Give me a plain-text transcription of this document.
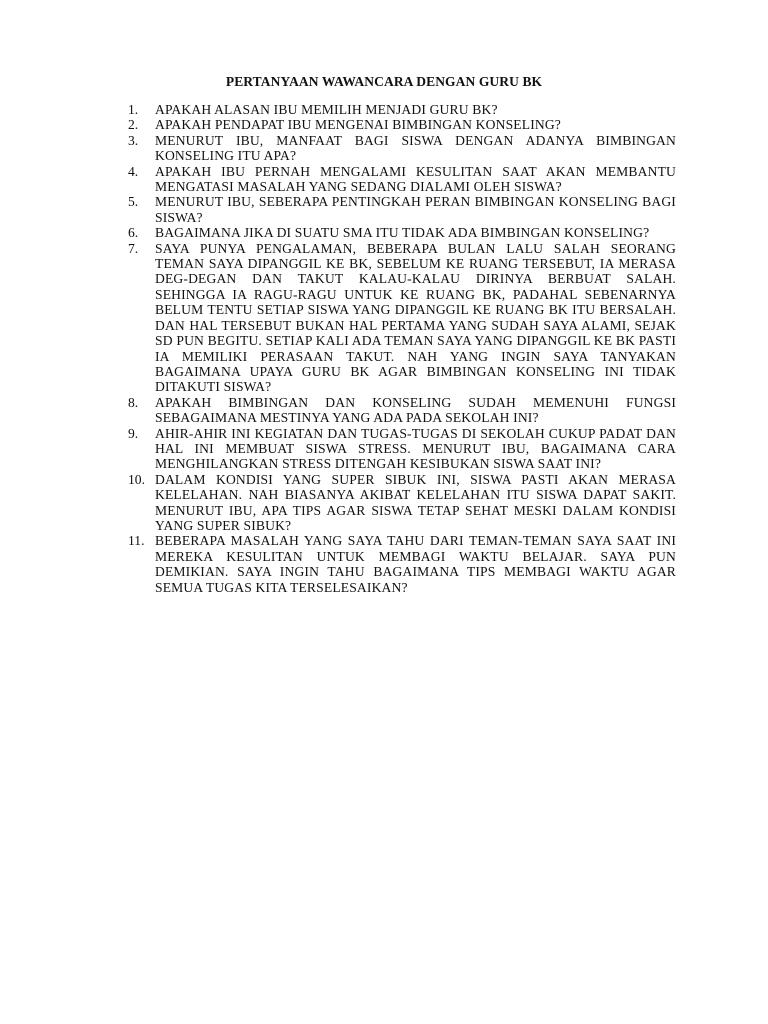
PERTANYAAN WAWANCARA DENGAN GURU BK
1.	APAKAH ALASAN IBU MEMILIH MENJADI GURU BK?
2.	APAKAH PENDAPAT IBU MENGENAI BIMBINGAN KONSELING?
3.	MENURUT IBU, MANFAAT BAGI SISWA DENGAN ADANYA BIMBINGAN KONSELING ITU APA?
4.	APAKAH IBU PERNAH MENGALAMI KESULITAN SAAT AKAN MEMBANTU MENGATASI MASALAH YANG SEDANG DIALAMI OLEH SISWA?
5.	MENURUT IBU, SEBERAPA PENTINGKAH PERAN BIMBINGAN KONSELING BAGI SISWA?
6.	BAGAIMANA JIKA DI SUATU SMA ITU TIDAK ADA BIMBINGAN KONSELING?
7.	SAYA PUNYA PENGALAMAN, BEBERAPA BULAN LALU SALAH SEORANG TEMAN SAYA DIPANGGIL KE BK, SEBELUM KE RUANG TERSEBUT, IA MERASA DEG-DEGAN DAN TAKUT KALAU-KALAU DIRINYA BERBUAT SALAH. SEHINGGA IA RAGU-RAGU UNTUK KE RUANG BK, PADAHAL SEBENARNYA BELUM TENTU SETIAP SISWA YANG DIPANGGIL KE RUANG BK ITU BERSALAH. DAN HAL TERSEBUT BUKAN HAL PERTAMA YANG SUDAH SAYA ALAMI, SEJAK SD PUN BEGITU. SETIAP KALI ADA TEMAN SAYA YANG DIPANGGIL KE BK PASTI IA MEMILIKI PERASAAN TAKUT. NAH YANG INGIN SAYA TANYAKAN BAGAIMANA UPAYA GURU BK AGAR BIMBINGAN KONSELING INI TIDAK DITAKUTI SISWA?
8.	APAKAH BIMBINGAN DAN KONSELING SUDAH MEMENUHI FUNGSI SEBAGAIMANA MESTINYA YANG ADA PADA SEKOLAH INI?
9.	AHIR-AHIR INI KEGIATAN DAN TUGAS-TUGAS DI SEKOLAH CUKUP PADAT DAN HAL INI MEMBUAT SISWA STRESS. MENURUT IBU, BAGAIMANA CARA MENGHILANGKAN STRESS DITENGAH KESIBUKAN SISWA SAAT INI?
10. DALAM KONDISI YANG SUPER SIBUK INI, SISWA PASTI AKAN MERASA KELELAHAN. NAH BIASANYA AKIBAT KELELAHAN ITU SISWA DAPAT SAKIT. MENURUT IBU, APA TIPS AGAR SISWA TETAP SEHAT MESKI DALAM KONDISI YANG SUPER SIBUK?
11. BEBERAPA MASALAH YANG SAYA TAHU DARI TEMAN-TEMAN SAYA SAAT INI MEREKA KESULITAN UNTUK MEMBAGI WAKTU BELAJAR. SAYA PUN DEMIKIAN. SAYA INGIN TAHU BAGAIMANA TIPS MEMBAGI WAKTU AGAR SEMUA TUGAS KITA TERSELESAIKAN?
